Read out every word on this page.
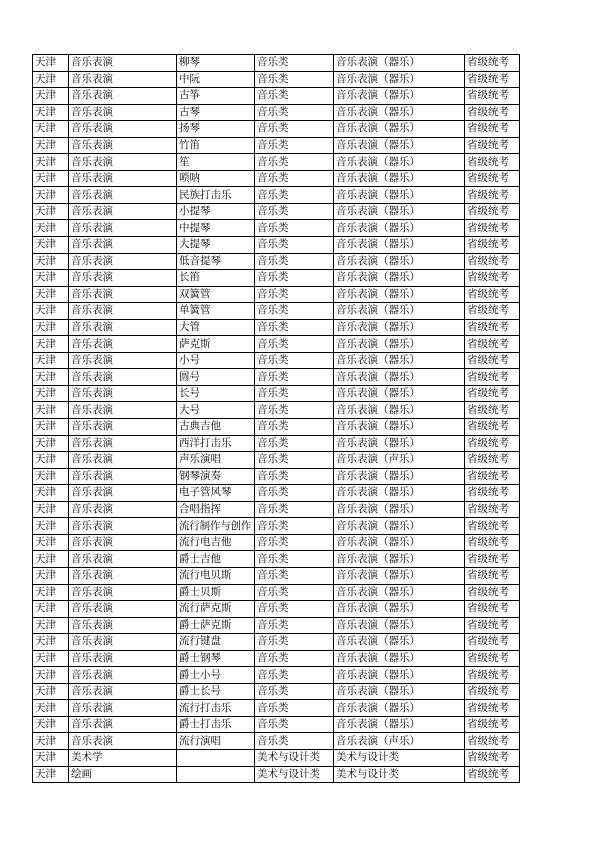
天津	音乐表演	柳琴	音乐类	音乐表演（器乐）	省级统考
天津	音乐表演	中阮	音乐类	音乐表演（器乐）	省级统考
天津	音乐表演	古筝	音乐类	音乐表演（器乐）	省级统考
天津	音乐表演	古琴	音乐类	音乐表演（器乐）	省级统考
天津	音乐表演	扬琴	音乐类	音乐表演（器乐）	省级统考
天津	音乐表演	竹笛	音乐类	音乐表演（器乐）	省级统考
天津	音乐表演	笙	音乐类	音乐表演（器乐）	省级统考
天津	音乐表演	唢呐	音乐类	音乐表演（器乐）	省级统考
天津	音乐表演	民族打击乐	音乐类	音乐表演（器乐）	省级统考
天津	音乐表演	小提琴	音乐类	音乐表演（器乐）	省级统考
天津	音乐表演	中提琴	音乐类	音乐表演（器乐）	省级统考
天津	音乐表演	大提琴	音乐类	音乐表演（器乐）	省级统考
天津	音乐表演	低音提琴	音乐类	音乐表演（器乐）	省级统考
天津	音乐表演	长笛	音乐类	音乐表演（器乐）	省级统考
天津	音乐表演	双簧管	音乐类	音乐表演（器乐）	省级统考
天津	音乐表演	单簧管	音乐类	音乐表演（器乐）	省级统考
天津	音乐表演	大管	音乐类	音乐表演（器乐）	省级统考
天津	音乐表演	萨克斯	音乐类	音乐表演（器乐）	省级统考
天津	音乐表演	小号	音乐类	音乐表演（器乐）	省级统考
天津	音乐表演	圆号	音乐类	音乐表演（器乐）	省级统考
天津	音乐表演	长号	音乐类	音乐表演（器乐）	省级统考
天津	音乐表演	大号	音乐类	音乐表演（器乐）	省级统考
天津	音乐表演	古典吉他	音乐类	音乐表演（器乐）	省级统考
天津	音乐表演	西洋打击乐	音乐类	音乐表演（器乐）	省级统考
天津	音乐表演	声乐演唱	音乐类	音乐表演（声乐）	省级统考
天津	音乐表演	钢琴演奏	音乐类	音乐表演（器乐）	省级统考
天津	音乐表演	电子管风琴	音乐类	音乐表演（器乐）	省级统考
天津	音乐表演	合唱指挥	音乐类	音乐表演（器乐）	省级统考
天津	音乐表演	流行制作与创作	音乐类	音乐表演（器乐）	省级统考
天津	音乐表演	流行电吉他	音乐类	音乐表演（器乐）	省级统考
天津	音乐表演	爵士吉他	音乐类	音乐表演（器乐）	省级统考
天津	音乐表演	流行电贝斯	音乐类	音乐表演（器乐）	省级统考
天津	音乐表演	爵士贝斯	音乐类	音乐表演（器乐）	省级统考
天津	音乐表演	流行萨克斯	音乐类	音乐表演（器乐）	省级统考
天津	音乐表演	爵士萨克斯	音乐类	音乐表演（器乐）	省级统考
天津	音乐表演	流行键盘	音乐类	音乐表演（器乐）	省级统考
天津	音乐表演	爵士钢琴	音乐类	音乐表演（器乐）	省级统考
天津	音乐表演	爵士小号	音乐类	音乐表演（器乐）	省级统考
天津	音乐表演	爵士长号	音乐类	音乐表演（器乐）	省级统考
天津	音乐表演	流行打击乐	音乐类	音乐表演（器乐）	省级统考
天津	音乐表演	爵士打击乐	音乐类	音乐表演（器乐）	省级统考
天津	音乐表演	流行演唱	音乐类	音乐表演（声乐）	省级统考
天津	美术学		美术与设计类	美术与设计类	省级统考
天津	绘画		美术与设计类	美术与设计类	省级统考
